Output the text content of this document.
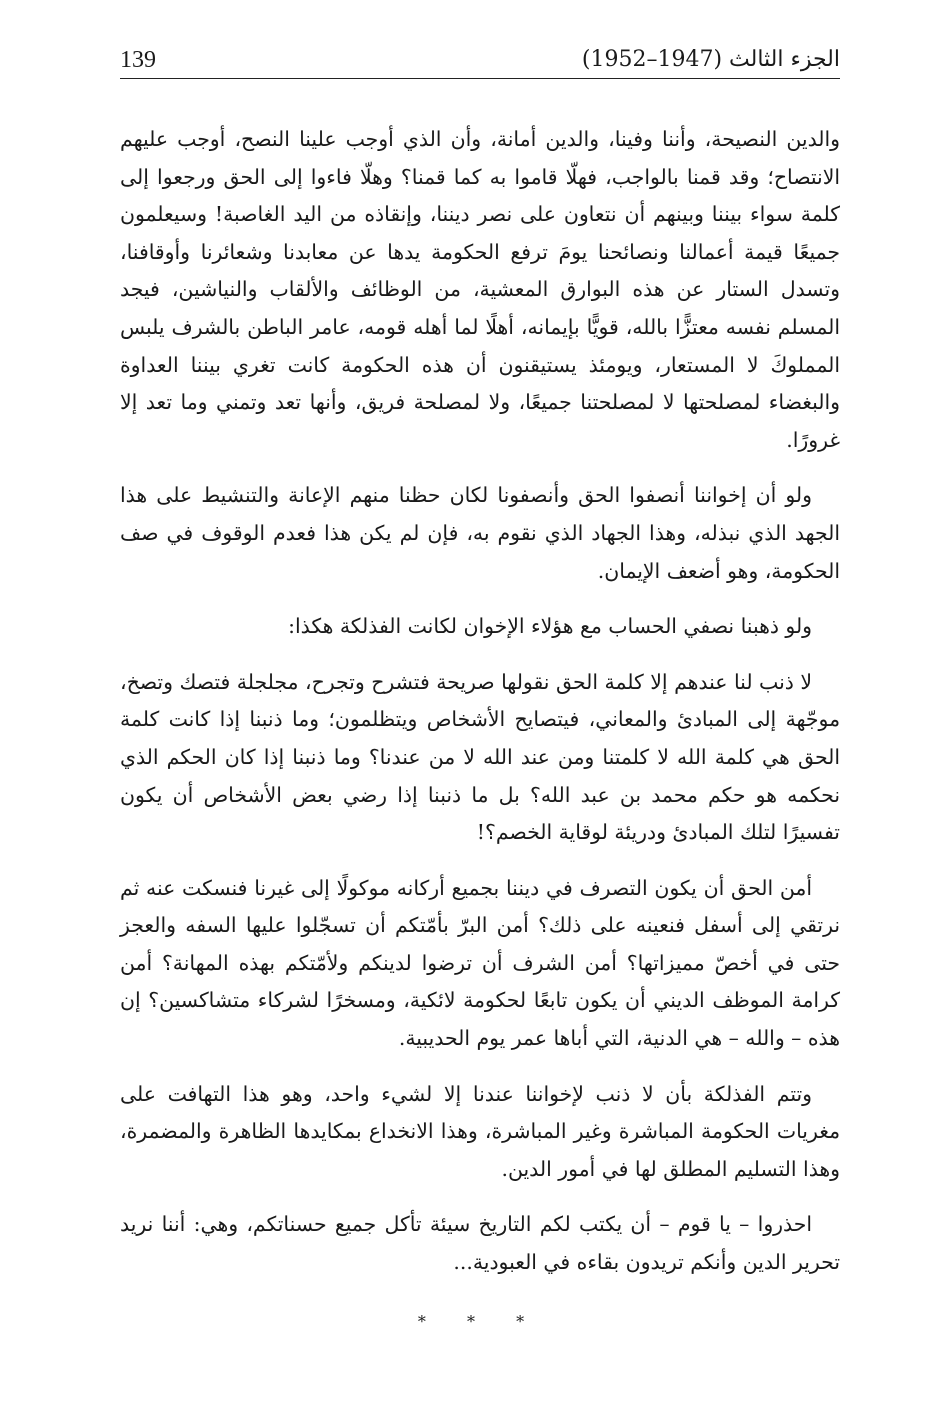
الجزء الثالث (1947–1952)
139

والدين النصيحة، وأننا وفينا، والدين أمانة، وأن الذي أوجب علينا النصح، أوجب عليهم الانتصاح؛ وقد قمنا بالواجب، فهلّا قاموا به كما قمنا؟ وهلّا فاءوا إلى الحق ورجعوا إلى كلمة سواء بيننا وبينهم أن نتعاون على نصر ديننا، وإنقاذه من اليد الغاصبة! وسيعلمون جميعًا قيمة أعمالنا ونصائحنا يومَ ترفع الحكومة يدها عن معابدنا وشعائرنا وأوقافنا، وتسدل الستار عن هذه البوارق المعشية، من الوظائف والألقاب والنياشين، فيجد المسلم نفسه معتزًّا بالله، قويًّا بإيمانه، أهلًا لما أهله قومه، عامر الباطن بالشرف يلبس المملوكَ لا المستعار، ويومئذ يستيقنون أن هذه الحكومة كانت تغري بيننا العداوة والبغضاء لمصلحتها لا لمصلحتنا جميعًا، ولا لمصلحة فريق، وأنها تعد وتمني وما تعد إلا غرورًا.

ولو أن إخواننا أنصفوا الحق وأنصفونا لكان حظنا منهم الإعانة والتنشيط على هذا الجهد الذي نبذله، وهذا الجهاد الذي نقوم به، فإن لم يكن هذا فعدم الوقوف في صف الحكومة، وهو أضعف الإيمان.

ولو ذهبنا نصفي الحساب مع هؤلاء الإخوان لكانت الفذلكة هكذا:

لا ذنب لنا عندهم إلا كلمة الحق نقولها صريحة فتشرح وتجرح، مجلجلة فتصك وتصخ، موجّهة إلى المبادئ والمعاني، فيتصايح الأشخاص ويتظلمون؛ وما ذنبنا إذا كانت كلمة الحق هي كلمة الله لا كلمتنا ومن عند الله لا من عندنا؟ وما ذنبنا إذا كان الحكم الذي نحكمه هو حكم محمد بن عبد الله؟ بل ما ذنبنا إذا رضي بعض الأشخاص أن يكون تفسيرًا لتلك المبادئ ودريئة لوقاية الخصم؟!

أمن الحق أن يكون التصرف في ديننا بجميع أركانه موكولًا إلى غيرنا فنسكت عنه ثم نرتقي إلى أسفل فنعينه على ذلك؟ أمن البرّ بأمّتكم أن تسجّلوا عليها السفه والعجز حتى في أخصّ مميزاتها؟ أمن الشرف أن ترضوا لدينكم ولأمّتكم بهذه المهانة؟ أمن كرامة الموظف الديني أن يكون تابعًا لحكومة لائكية، ومسخرًا لشركاء متشاكسين؟ إن هذه – والله – هي الدنية، التي أباها عمر يوم الحديبية.

وتتم الفذلكة بأن لا ذنب لإخواننا عندنا إلا لشيء واحد، وهو هذا التهافت على مغريات الحكومة المباشرة وغير المباشرة، وهذا الانخداع بمكايدها الظاهرة والمضمرة، وهذا التسليم المطلق لها في أمور الدين.

احذروا – يا قوم – أن يكتب لكم التاريخ سيئة تأكل جميع حسناتكم، وهي: أننا نريد تحرير الدين وأنكم تريدون بقاءه في العبودية...

* * *
